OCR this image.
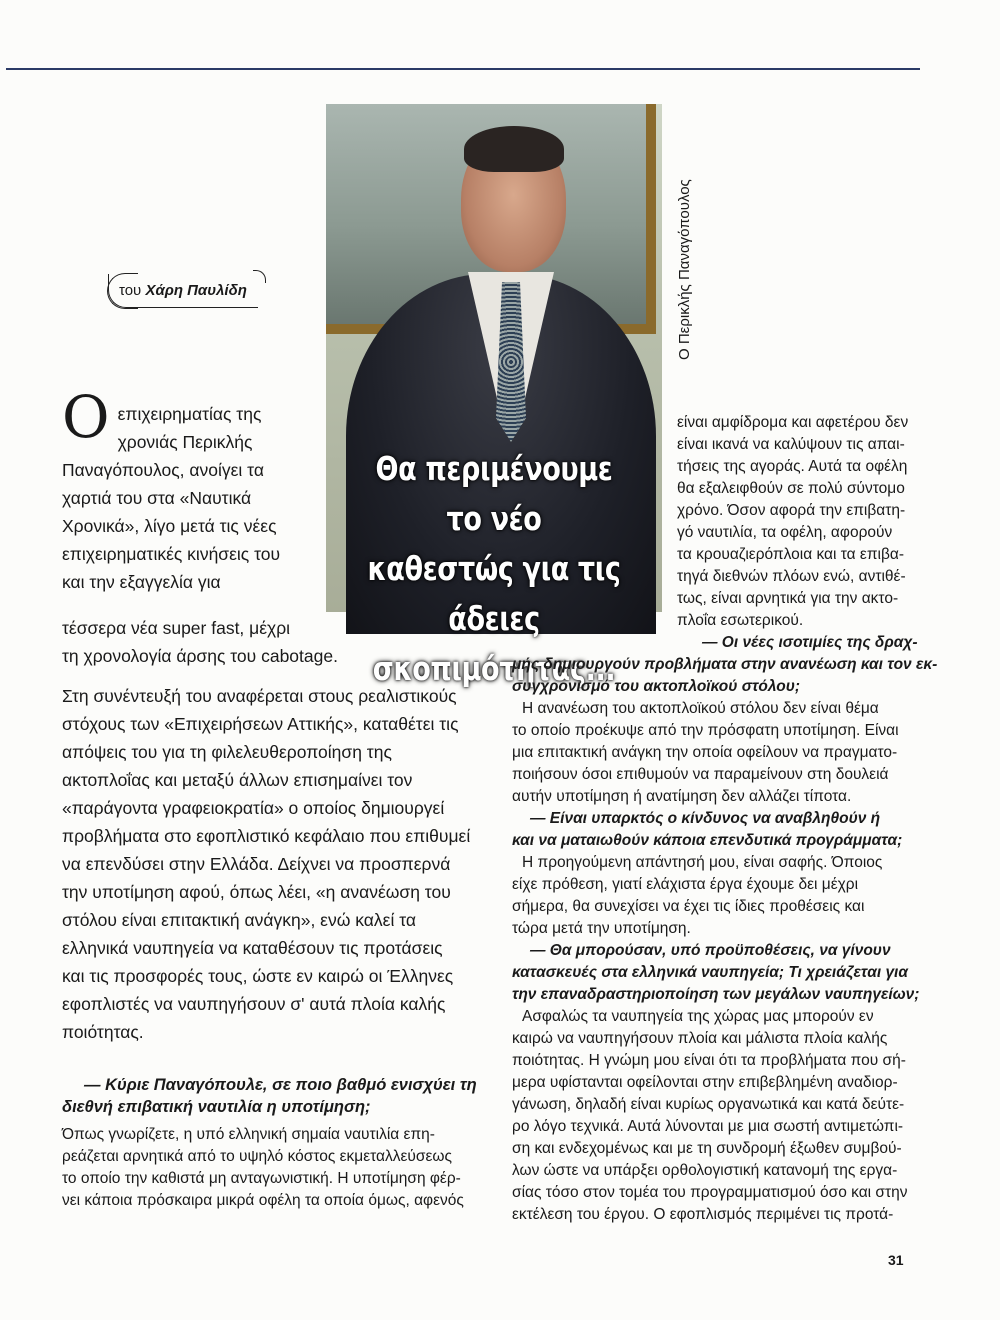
του Χάρη Παυλίδη
Θα περιμένουμε το νέο
καθεστώς για τις
άδειες σκοπιμότητας...
Ο Περικλής Παναγόπουλος
Ο επιχειρηματίας της
χρονιάς Περικλής
Παναγόπουλος, ανοίγει τα
χαρτιά του στα «Ναυτικά
Χρονικά», λίγο μετά τις νέες
επιχειρηματικές κινήσεις του
και την εξαγγελία για
τέσσερα νέα super fast, μέχρι
τη χρονολογία άρσης του cabotage.
Στη συνέντευξή του αναφέρεται στους ρεαλιστικούς
στόχους των «Επιχειρήσεων Αττικής», καταθέτει τις
απόψεις του για τη φιλελευθεροποίηση της
ακτοπλοΐας και μεταξύ άλλων επισημαίνει τον
«παράγοντα γραφειοκρατία» ο οποίος δημιουργεί
προβλήματα στο εφοπλιστικό κεφάλαιο που επιθυμεί
να επενδύσει στην Ελλάδα. Δείχνει να προσπερνά
την υποτίμηση αφού, όπως λέει, «η ανανέωση του
στόλου είναι επιτακτική ανάγκη», ενώ καλεί τα
ελληνικά ναυπηγεία να καταθέσουν τις προτάσεις
και τις προσφορές τους, ώστε εν καιρώ οι Έλληνες
εφοπλιστές να ναυπηγήσουν σ' αυτά πλοία καλής
ποιότητας.
— Κύριε Παναγόπουλε, σε ποιο βαθμό ενισχύει τη
διεθνή επιβατική ναυτιλία η υποτίμηση;
Όπως γνωρίζετε, η υπό ελληνική σημαία ναυτιλία επη-
ρεάζεται αρνητικά από το υψηλό κόστος εκμεταλλεύσεως
το οποίο την καθιστά μη ανταγωνιστική. Η υποτίμηση φέρ-
νει κάποια πρόσκαιρα μικρά οφέλη τα οποία όμως, αφενός
είναι αμφίδρομα και αφετέρου δεν
είναι ικανά να καλύψουν τις απαι-
τήσεις της αγοράς. Αυτά τα οφέλη
θα εξαλειφθούν σε πολύ σύντομο
χρόνο. Όσον αφορά την επιβατη-
γό ναυτιλία, τα οφέλη, αφορούν
τα κρουαζιερόπλοια και τα επιβα-
τηγά διεθνών πλόων ενώ, αντιθέ-
τως, είναι αρνητικά για την ακτο-
πλοΐα εσωτερικού.
— Οι νέες ισοτιμίες της δραχ-
μής δημιουργούν προβλήματα στην ανανέωση και τον εκ-
συγχρονισμό του ακτοπλοϊκού στόλου;
Η ανανέωση του ακτοπλοϊκού στόλου δεν είναι θέμα
το οποίο προέκυψε από την πρόσφατη υποτίμηση. Είναι
μια επιτακτική ανάγκη την οποία οφείλουν να πραγματο-
ποιήσουν όσοι επιθυμούν να παραμείνουν στη δουλειά
αυτήν υποτίμηση ή ανατίμηση δεν αλλάζει τίποτα.
— Είναι υπαρκτός ο κίνδυνος να αναβληθούν ή
και να ματαιωθούν κάποια επενδυτικά προγράμματα;
Η προηγούμενη απάντησή μου, είναι σαφής. Όποιος
είχε πρόθεση, γιατί ελάχιστα έργα έχουμε δει μέχρι
σήμερα, θα συνεχίσει να έχει τις ίδιες προθέσεις και
τώρα μετά την υποτίμηση.
— Θα μπορούσαν, υπό προϋποθέσεις, να γίνουν
κατασκευές στα ελληνικά ναυπηγεία; Τι χρειάζεται για
την επαναδραστηριοποίηση των μεγάλων ναυπηγείων;
Ασφαλώς τα ναυπηγεία της χώρας μας μπορούν εν
καιρώ να ναυπηγήσουν πλοία και μάλιστα πλοία καλής
ποιότητας. Η γνώμη μου είναι ότι τα προβλήματα που σή-
μερα υφίστανται οφείλονται στην επιβεβλημένη αναδιορ-
γάνωση, δηλαδή είναι κυρίως οργανωτικά και κατά δεύτε-
ρο λόγο τεχνικά. Αυτά λύνονται με μια σωστή αντιμετώπι-
ση και ενδεχομένως και με τη συνδρομή έξωθεν συμβού-
λων ώστε να υπάρξει ορθολογιστική κατανομή της εργα-
σίας τόσο στον τομέα του προγραμματισμού όσο και στην
εκτέλεση του έργου. Ο εφοπλισμός περιμένει τις προτά-
31
